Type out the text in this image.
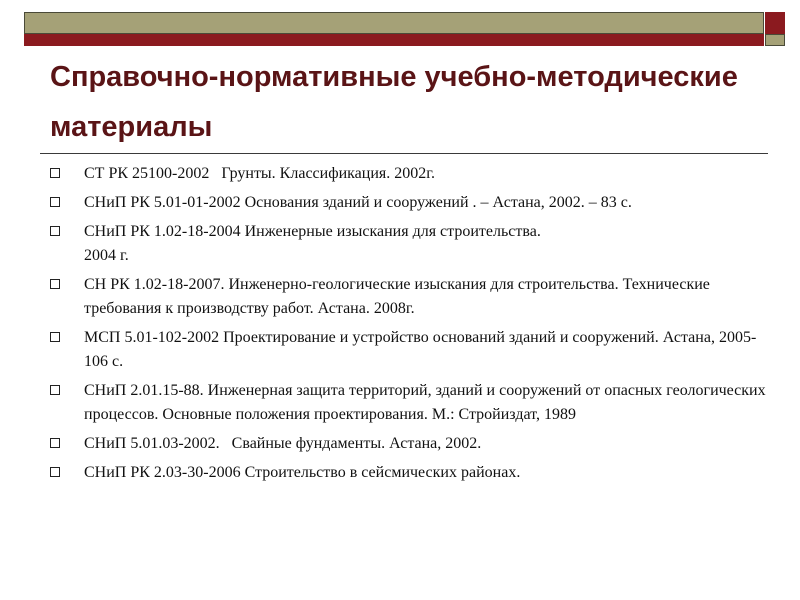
Справочно-нормативные учебно-методические материалы
СТ РК 25100-2002   Грунты. Классификация. 2002г.
СНиП РК 5.01-01-2002 Основания зданий и сооружений . – Астана, 2002. – 83 с.
СНиП РК 1.02-18-2004 Инженерные изыскания для строительства.
2004 г.
СН РК 1.02-18-2007. Инженерно-геологические изыскания для строительства. Технические требования к производству работ. Астана. 2008г.
МСП 5.01-102-2002 Проектирование и устройство оснований зданий и сооружений. Астана, 2005- 106 с.
СНиП 2.01.15-88. Инженерная защита территорий, зданий и сооружений от опасных геологических процессов. Основные положения проектирования. М.: Стройиздат, 1989
СНиП 5.01.03-2002.   Свайные фундаменты. Астана, 2002.
СНиП РК 2.03-30-2006 Строительство в сейсмических районах.
